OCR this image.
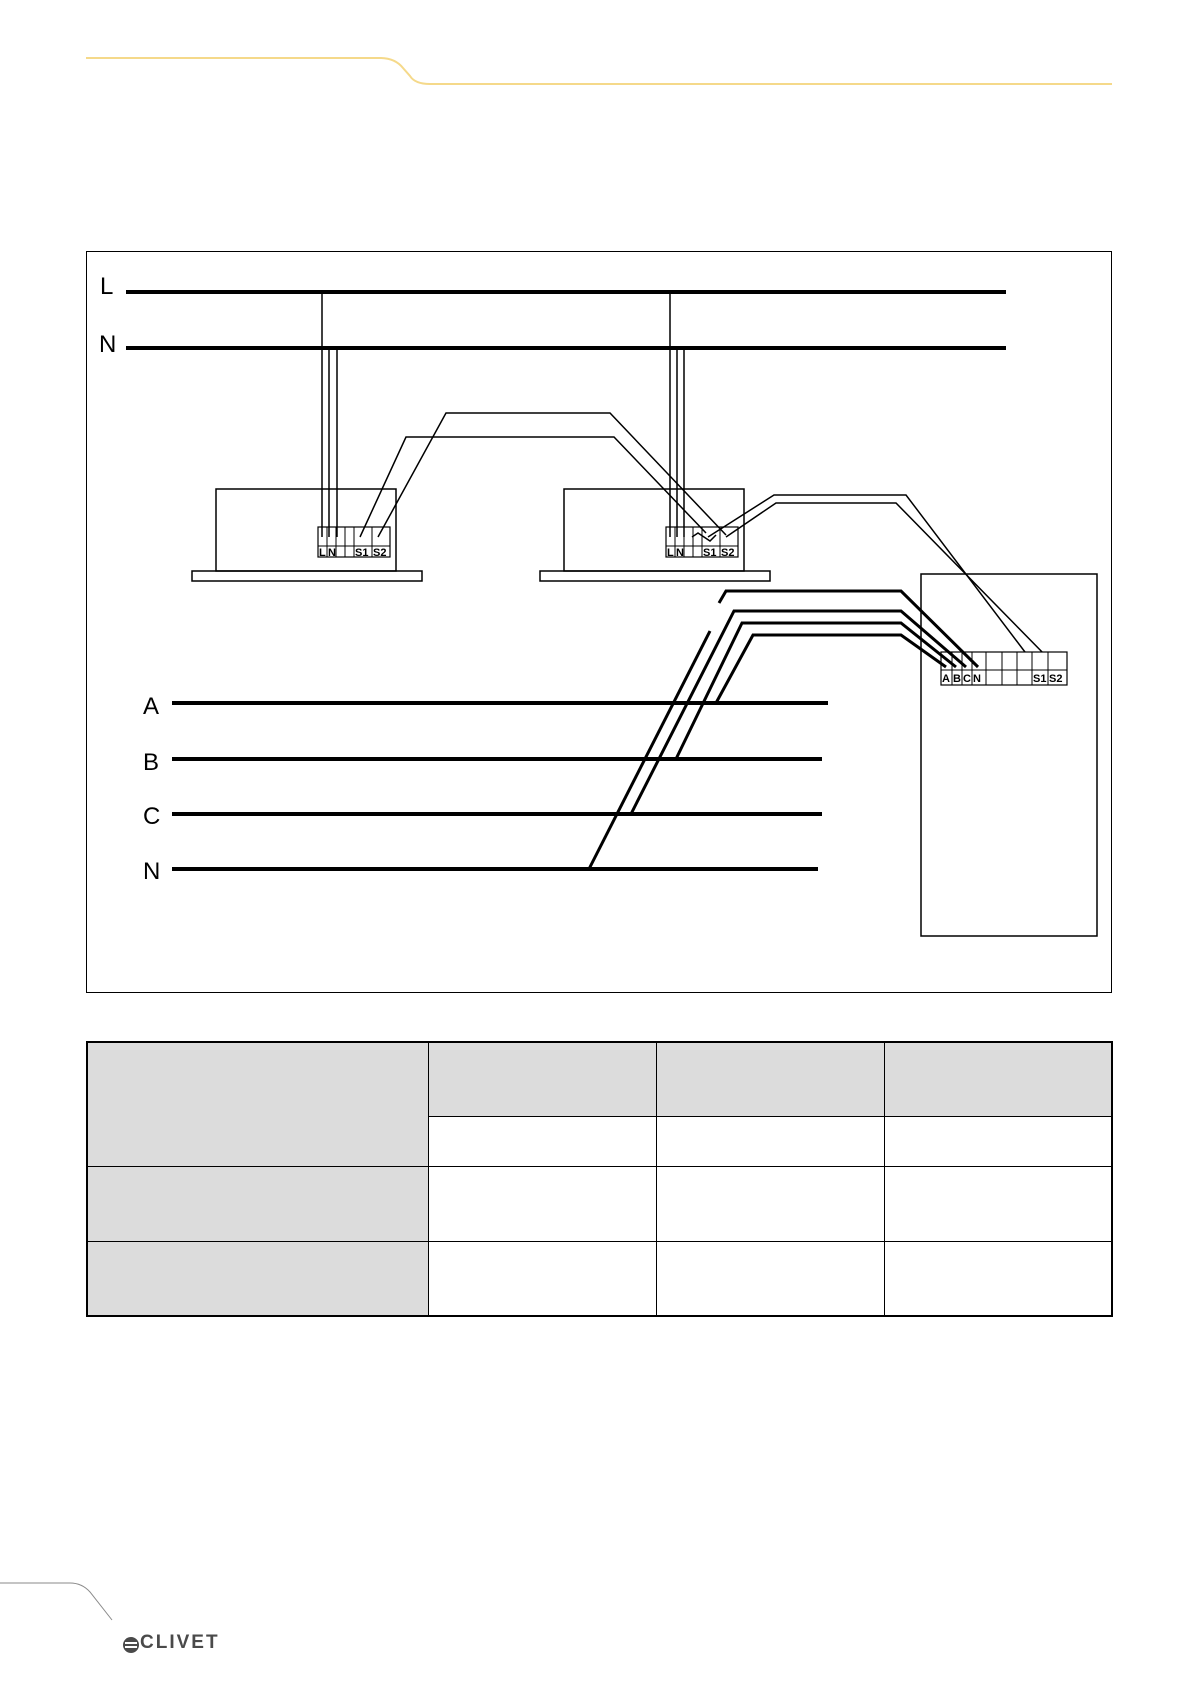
L
N
L N S1 S2	L N S1 S2
A B C N	S1 S2
A
B
C
N

CLIVET
